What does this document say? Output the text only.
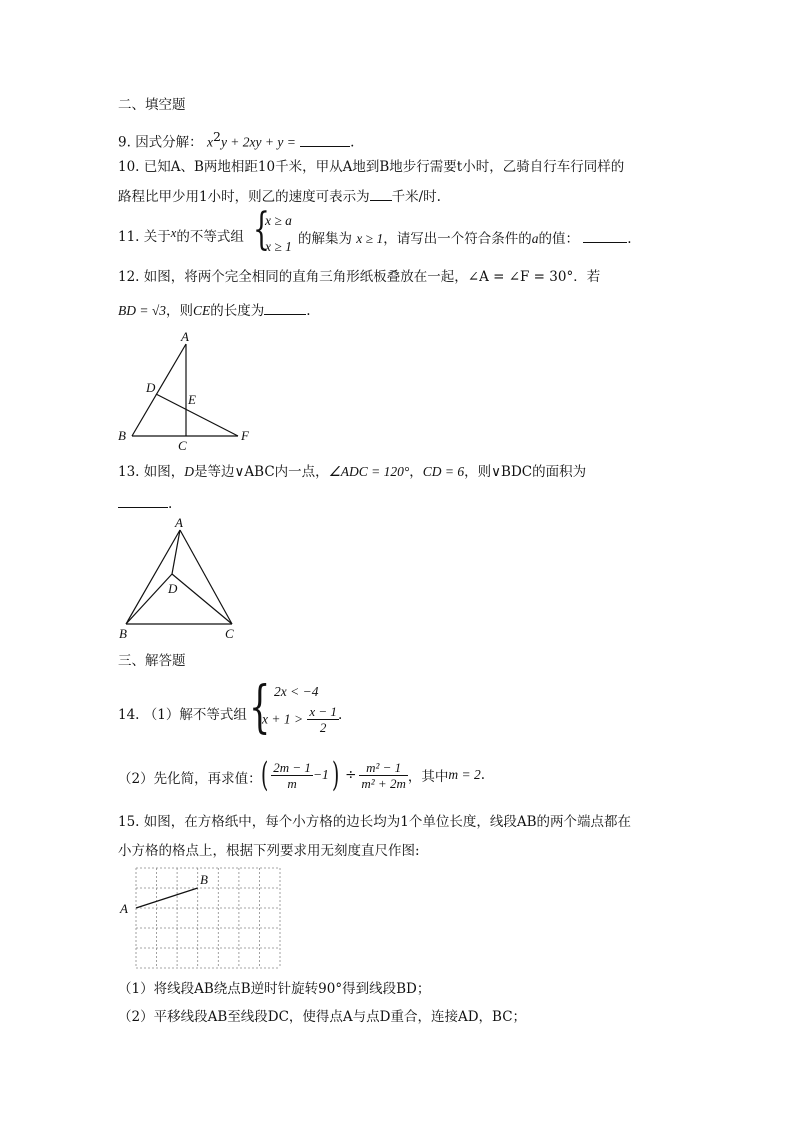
二、填空题
9. 因式分解： $x^2y + 2xy + y$ =	.
10. 已知A、B两地相距10千米，甲从A地到B地步行需要t小时，乙骑自行车行同样的
路程比甲少用1小时，则乙的速度可表示为 千米/时.
11. 关于x的不等式组 {
x ≥ a
x ≥ 1 的解集为 x ≥ 1，请写出一个符合条件的a的值：	.
12. 如图，将两个完全相同的直角三角形纸板叠放在一起，∠A = ∠F = 30°．若
BD = √3，则CE的长度为	.
A
B
C
D
E
F
13. 如图，D是等边∨ABC内一点，∠ADC = 120°，CD = 6，则∨BDC的面积为
.
A
B	C
D
三、解答题
14. （1）解不等式组 { 2x < −4
$x + 1 > \frac{x - 1}{2}$ .
（2）先化简，再求值： ( $\frac{2m - 1}{m} -1) \div \frac{\text{m² − 1}}{\text{m² + 2m}}$ ，其中m = 2.
15. 如图，在方格纸中，每个小方格的边长均为1个单位长度，线段AB的两个端点都在
小方格的格点上，根据下列要求用无刻度直尺作图:
A
B
（1）将线段AB绕点B逆时针旋转90°得到线段BD；
（2）平移线段AB至线段DC，使得点A与点D重合，连接AD，BC；
